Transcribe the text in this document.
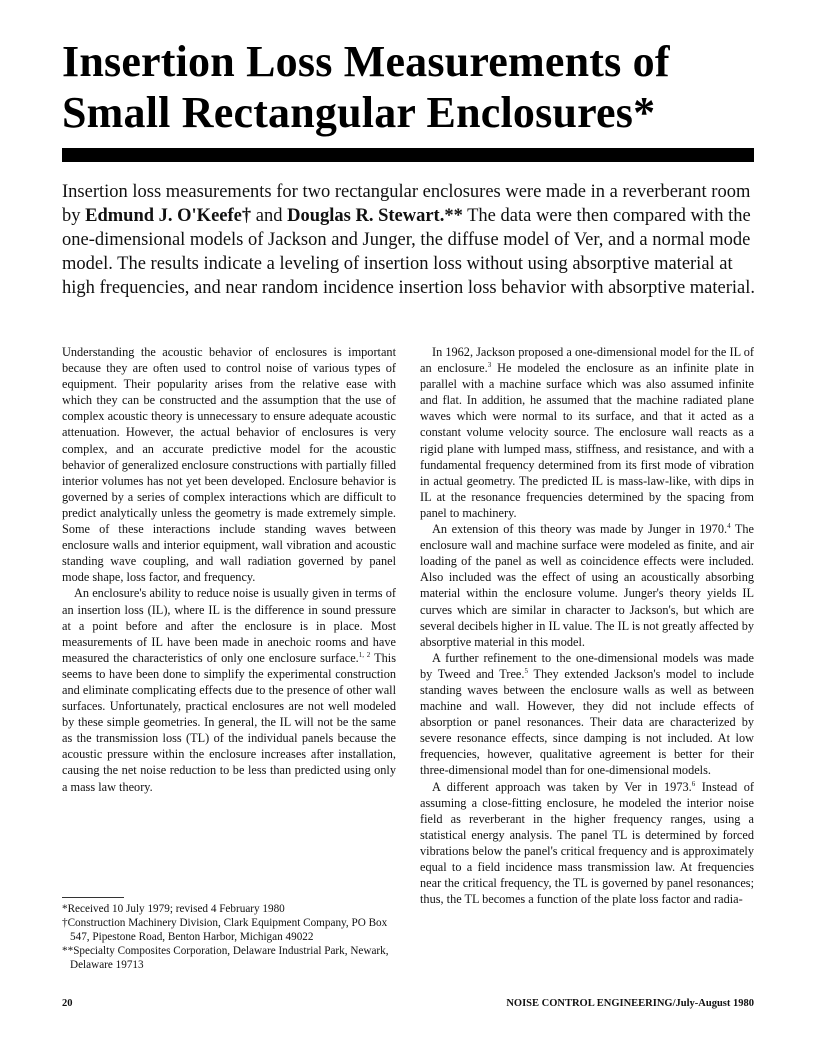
Insertion Loss Measurements of
Small Rectangular Enclosures*

Insertion loss measurements for two rectangular enclosures were made in a reverberant room by Edmund J. O'Keefe† and Douglas R. Stewart.** The data were then compared with the one-dimensional models of Jackson and Junger, the diffuse model of Ver, and a normal mode model. The results indicate a leveling of insertion loss without using absorptive material at high frequencies, and near random incidence insertion loss behavior with absorptive material.

Understanding the acoustic behavior of enclosures is important because they are often used to control noise of various types of equipment. Their popularity arises from the relative ease with which they can be constructed and the assumption that the use of complex acoustic theory is unnecessary to ensure adequate acoustic attenuation. However, the actual behavior of enclosures is very complex, and an accurate predictive model for the acoustic behavior of generalized enclosure constructions with partially filled interior volumes has not yet been developed. Enclosure behavior is governed by a series of complex interactions which are difficult to predict analytically unless the geometry is made extremely simple. Some of these interactions include standing waves between enclosure walls and interior equipment, wall vibration and acoustic standing wave coupling, and wall radiation governed by panel mode shape, loss factor, and frequency.

An enclosure's ability to reduce noise is usually given in terms of an insertion loss (IL), where IL is the difference in sound pressure at a point before and after the enclosure is in place. Most measurements of IL have been made in anechoic rooms and have measured the characteristics of only one enclosure surface.$^{1, 2}$ This seems to have been done to simplify the experimental construction and eliminate complicating effects due to the presence of other wall surfaces. Unfortunately, practical enclosures are not well modeled by these simple geometries. In general, the IL will not be the same as the transmission loss (TL) of the individual panels because the acoustic pressure within the enclosure increases after installation, causing the net noise reduction to be less than predicted using only a mass law theory.

In 1962, Jackson proposed a one-dimensional model for the IL of an enclosure.$^3$ He modeled the enclosure as an infinite plate in parallel with a machine surface which was also assumed infinite and flat. In addition, he assumed that the machine radiated plane waves which were normal to its surface, and that it acted as a constant volume velocity source. The enclosure wall reacts as a rigid plane with lumped mass, stiffness, and resistance, and with a fundamental frequency determined from its first mode of vibration in actual geometry. The predicted IL is mass-law-like, with dips in IL at the resonance frequencies determined by the spacing from panel to machinery.

An extension of this theory was made by Junger in 1970.$^4$ The enclosure wall and machine surface were modeled as finite, and air loading of the panel as well as coincidence effects were included. Also included was the effect of using an acoustically absorbing material within the enclosure volume. Junger's theory yields IL curves which are similar in character to Jackson's, but which are several decibels higher in IL value. The IL is not greatly affected by absorptive material in this model.

A further refinement to the one-dimensional models was made by Tweed and Tree.$^5$ They extended Jackson's model to include standing waves between the enclosure walls as well as between machine and wall. However, they did not include effects of absorption or panel resonances. Their data are characterized by severe resonance effects, since damping is not included. At low frequencies, however, qualitative agreement is better for their three-dimensional model than for one-dimensional models.

A different approach was taken by Ver in 1973.$^6$ Instead of assuming a close-fitting enclosure, he modeled the interior noise field as reverberant in the higher frequency ranges, using a statistical energy analysis. The panel TL is determined by forced vibrations below the panel's critical frequency and is approximately equal to a field incidence mass transmission law. At frequencies near the critical frequency, the TL is governed by panel resonances; thus, the TL becomes a function of the plate loss factor and radia-

*Received 10 July 1979; revised 4 February 1980
†Construction Machinery Division, Clark Equipment Company, PO Box 547, Pipestone Road, Benton Harbor, Michigan 49022
**Specialty Composites Corporation, Delaware Industrial Park, Newark, Delaware 19713
20	NOISE CONTROL ENGINEERING/July-August 1980
